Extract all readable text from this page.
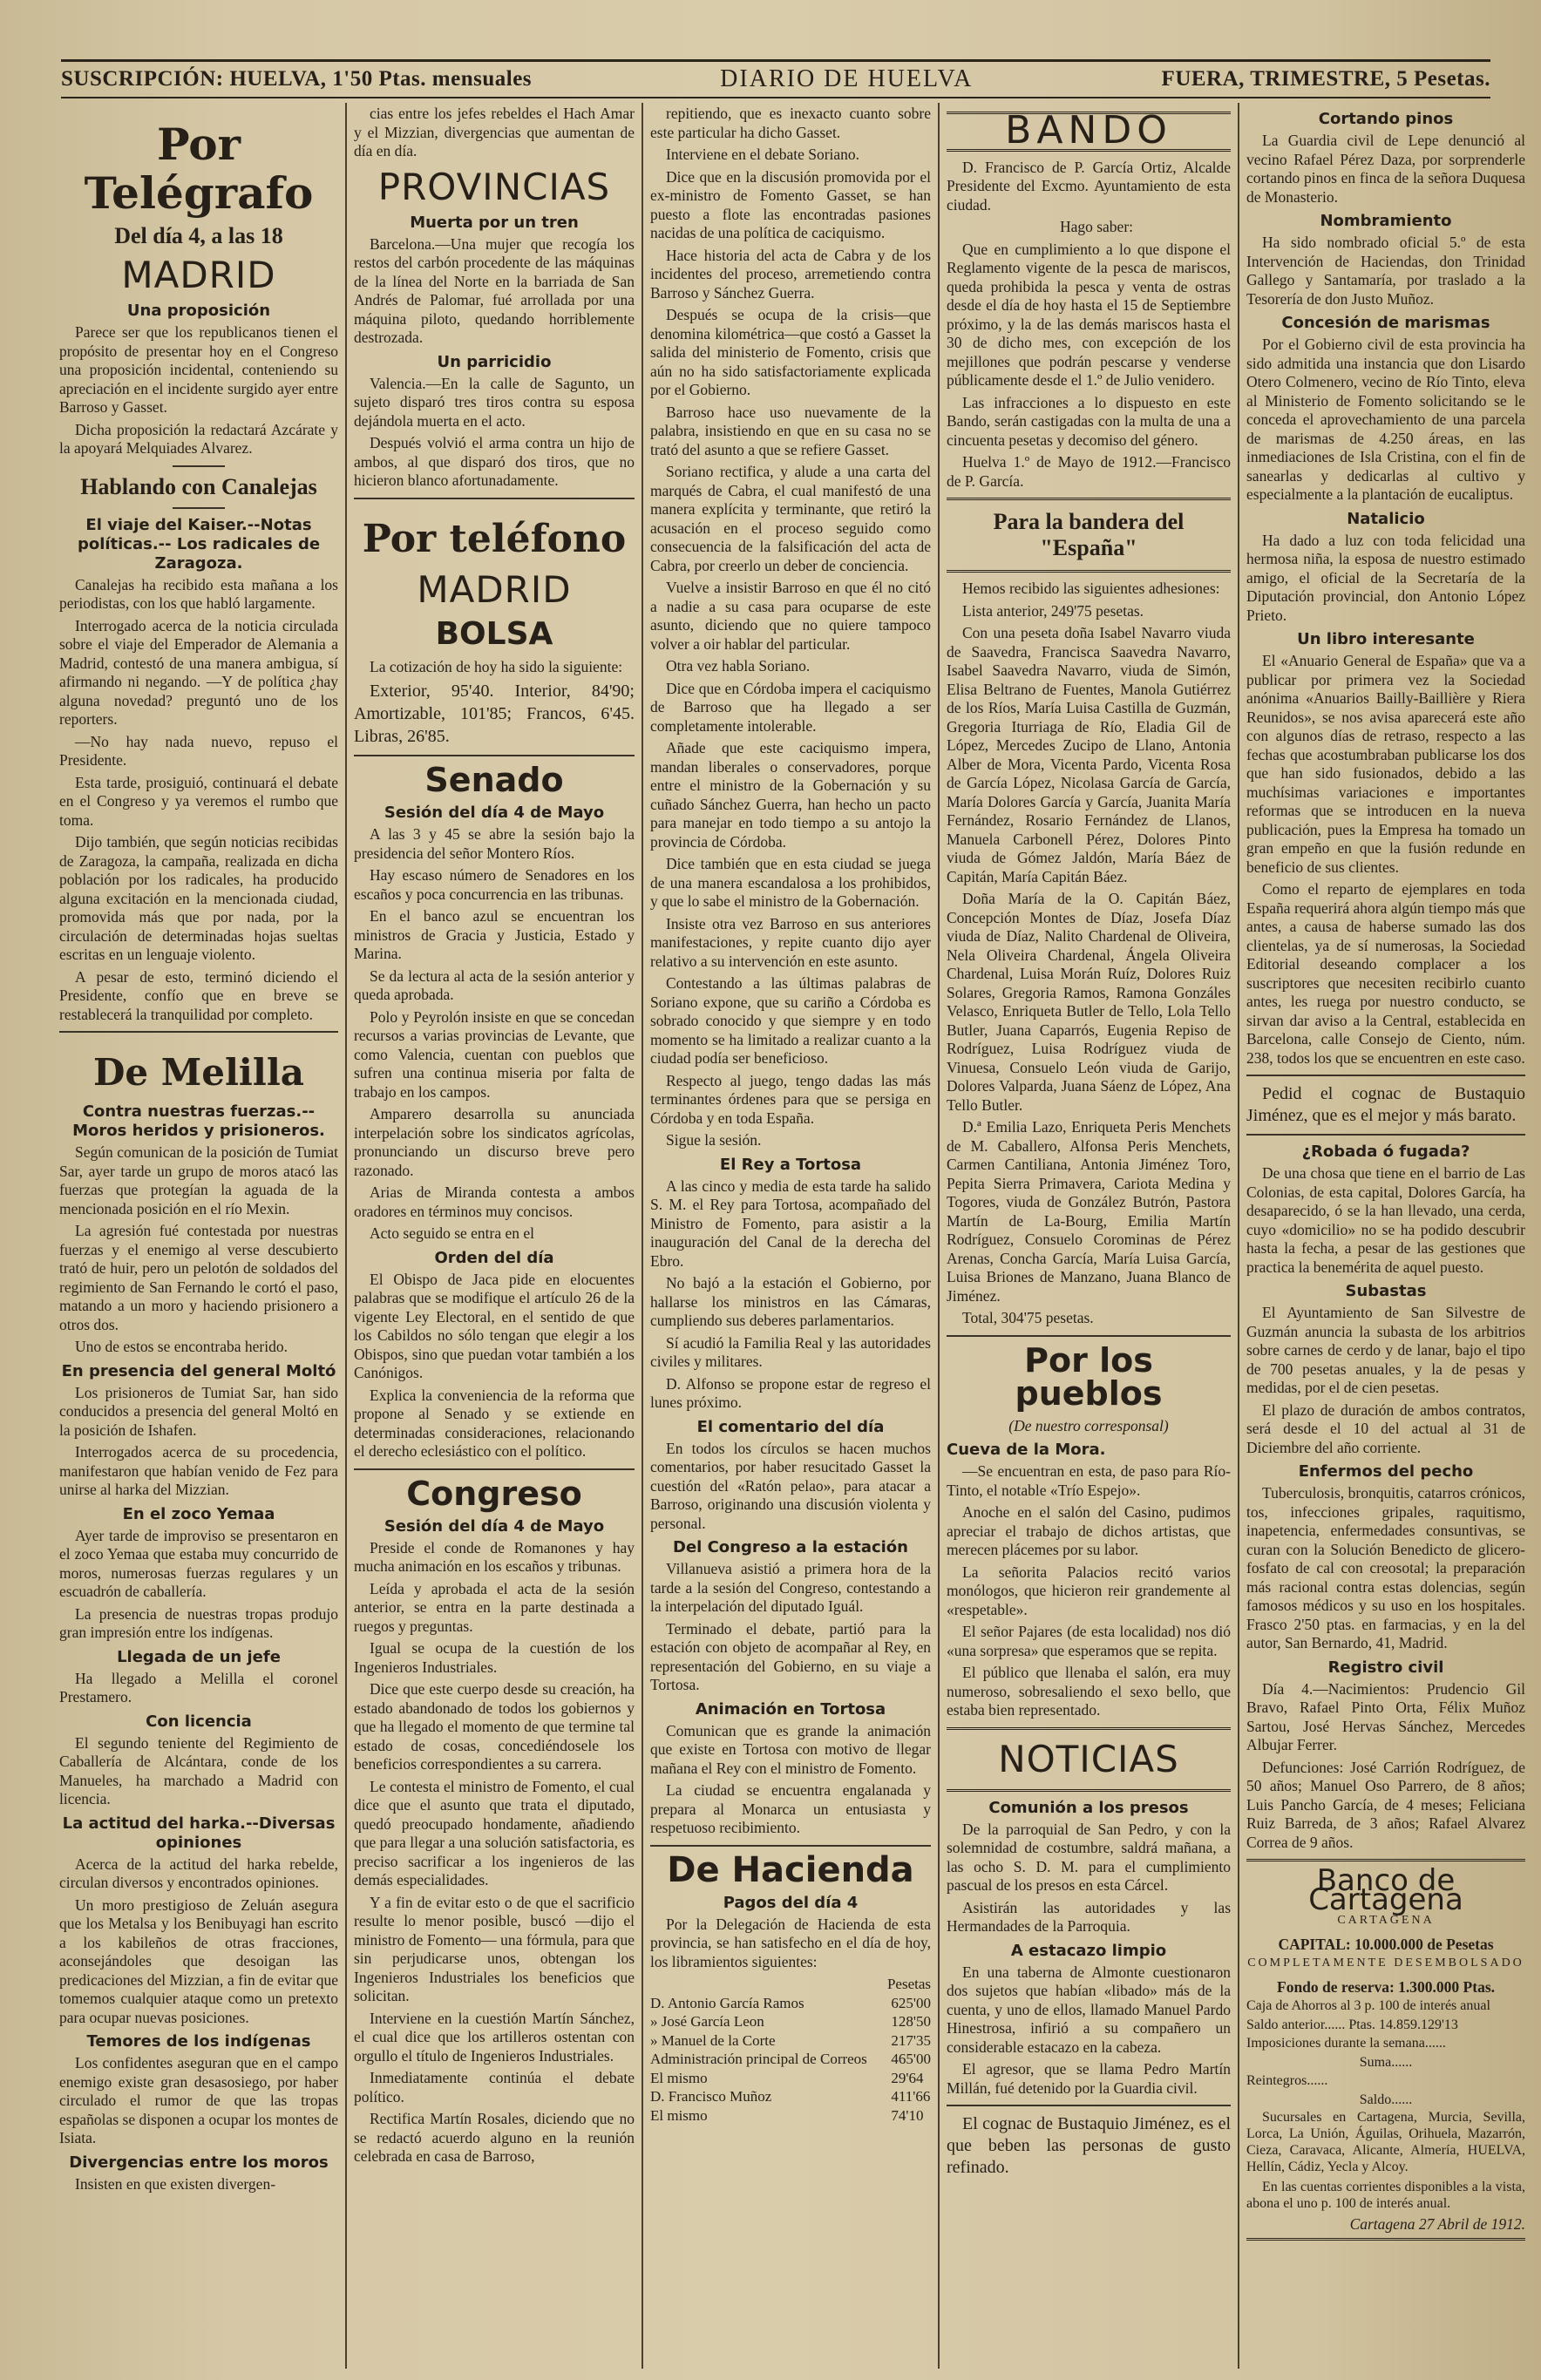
SUSCRIPCIÓN: HUELVA, 1'50 Ptas. mensuales	DIARIO DE HUELVA	FUERA, TRIMESTRE, 5 Pesetas.
Por Telégrafo
Del día 4, a las 18
MADRID
Una proposición

Parece ser que los republicanos tienen el propósito de presentar hoy en el Congreso una proposición incidental, conteniendo su apreciación en el incidente surgido ayer entre Barroso y Gasset.

Dicha proposición la redactará Azcárate y la apoyará Melquiades Alvarez.

Hablando con Canalejas
El viaje del Kaiser.--Notas políticas.-- Los radicales de Zaragoza.

Canalejas ha recibido esta mañana a los periodistas, con los que habló largamente.

Interrogado acerca de la noticia circulada sobre el viaje del Emperador de Alemania a Madrid, contestó de una manera ambigua, sí afirmando ni negando. —Y de política ¿hay alguna novedad? preguntó uno de los reporters.

—No hay nada nuevo, repuso el Presidente.

Esta tarde, prosiguió, continuará el debate en el Congreso y ya veremos el rumbo que toma.

Dijo también, que según noticias recibidas de Zaragoza, la campaña, realizada en dicha población por los radicales, ha producido alguna excitación en la mencionada ciudad, promovida más que por nada, por la circulación de determinadas hojas sueltas escritas en un lenguaje violento.

A pesar de esto, terminó diciendo el Presidente, confío que en breve se restablecerá la tranquilidad por completo.

De Melilla
Contra nuestras fuerzas.--Moros heridos y prisioneros.

Según comunican de la posición de Tumiat Sar, ayer tarde un grupo de moros atacó las fuerzas que protegían la aguada de la mencionada posición en el río Mexin.

La agresión fué contestada por nuestras fuerzas y el enemigo al verse descubierto trató de huir, pero un pelotón de soldados del regimiento de San Fernando le cortó el paso, matando a un moro y haciendo prisionero a otros dos.

Uno de estos se encontraba herido.

En presencia del general Moltó

Los prisioneros de Tumiat Sar, han sido conducidos a presencia del general Moltó en la posición de Ishafen.

Interrogados acerca de su procedencia, manifestaron que habían venido de Fez para unirse al harka del Mizzian.

En el zoco Yemaa

Ayer tarde de improviso se presentaron en el zoco Yemaa que estaba muy concurrido de moros, numerosas fuerzas regulares y un escuadrón de caballería.

La presencia de nuestras tropas produjo gran impresión entre los indígenas.

Llegada de un jefe

Ha llegado a Melilla el coronel Prestamero.

Con licencia

El segundo teniente del Regimiento de Caballería de Alcántara, conde de los Manueles, ha marchado a Madrid con licencia.

La actitud del harka.--Diversas opiniones

Acerca de la actitud del harka rebelde, circulan diversos y encontrados opiniones.

Un moro prestigioso de Zeluán asegura que los Metalsa y los Benibuyagi han escrito a los kabileños de otras fracciones, aconsejándoles que desoigan las predicaciones del Mizzian, a fin de evitar que tomemos cualquier ataque como un pretexto para ocupar nuevas posiciones.

Temores de los indígenas

Los confidentes aseguran que en el campo enemigo existe gran desasosiego, por haber circulado el rumor de que las tropas españolas se disponen a ocupar los montes de Isiata.

Divergencias entre los moros

Insisten en que existen divergen-

cias entre los jefes rebeldes el Hach Amar y el Mizzian, divergencias que aumentan de día en día.

PROVINCIAS
Muerta por un tren

Barcelona.—Una mujer que recogía los restos del carbón procedente de las máquinas de la línea del Norte en la barriada de San Andrés de Palomar, fué arrollada por una máquina piloto, quedando horriblemente destrozada.

Un parricidio

Valencia.—En la calle de Sagunto, un sujeto disparó tres tiros contra su esposa dejándola muerta en el acto.

Después volvió el arma contra un hijo de ambos, al que disparó dos tiros, que no hicieron blanco afortunadamente.

Por teléfono
MADRID
BOLSA

La cotización de hoy ha sido la siguiente:

Exterior, 95'40. Interior, 84'90; Amortizable, 101'85; Francos, 6'45. Libras, 26'85.

Senado
Sesión del día 4 de Mayo

A las 3 y 45 se abre la sesión bajo la presidencia del señor Montero Ríos.

Hay escaso número de Senadores en los escaños y poca concurrencia en las tribunas.

En el banco azul se encuentran los ministros de Gracia y Justicia, Estado y Marina.

Se da lectura al acta de la sesión anterior y queda aprobada.

Polo y Peyrolón insiste en que se concedan recursos a varias provincias de Levante, que como Valencia, cuentan con pueblos que sufren una continua miseria por falta de trabajo en los campos.

Amparero desarrolla su anunciada interpelación sobre los sindicatos agrícolas, pronunciando un discurso breve pero razonado.

Arias de Miranda contesta a ambos oradores en términos muy concisos.

Acto seguido se entra en el

Orden del día

El Obispo de Jaca pide en elocuentes palabras que se modifique el artículo 26 de la vigente Ley Electoral, en el sentido de que los Cabildos no sólo tengan que elegir a los Obispos, sino que puedan votar también a los Canónigos.

Explica la conveniencia de la reforma que propone al Senado y se extiende en determinadas consideraciones, relacionando el derecho eclesiástico con el político.

Congreso
Sesión del día 4 de Mayo

Preside el conde de Romanones y hay mucha animación en los escaños y tribunas.

Leída y aprobada el acta de la sesión anterior, se entra en la parte destinada a ruegos y preguntas.

Igual se ocupa de la cuestión de los Ingenieros Industriales.

Dice que este cuerpo desde su creación, ha estado abandonado de todos los gobiernos y que ha llegado el momento de que termine tal estado de cosas, concediéndosele los beneficios correspondientes a su carrera.

Le contesta el ministro de Fomento, el cual dice que el asunto que trata el diputado, quedó preocupado hondamente, añadiendo que para llegar a una solución satisfactoria, es preciso sacrificar a los ingenieros de las demás especialidades.

Y a fin de evitar esto o de que el sacrificio resulte lo menor posible, buscó —dijo el ministro de Fomento— una fórmula, para que sin perjudicarse unos, obtengan los Ingenieros Industriales los beneficios que solicitan.

Interviene en la cuestión Martín Sánchez, el cual dice que los artilleros ostentan con orgullo el título de Ingenieros Industriales.

Inmediatamente continúa el debate político.

Rectifica Martín Rosales, diciendo que no se redactó acuerdo alguno en la reunión celebrada en casa de Barroso,

repitiendo, que es inexacto cuanto sobre este particular ha dicho Gasset.

Interviene en el debate Soriano.

Dice que en la discusión promovida por el ex-ministro de Fomento Gasset, se han puesto a flote las encontradas pasiones nacidas de una política de caciquismo.

Hace historia del acta de Cabra y de los incidentes del proceso, arremetiendo contra Barroso y Sánchez Guerra.

Después se ocupa de la crisis—que denomina kilométrica—que costó a Gasset la salida del ministerio de Fomento, crisis que aún no ha sido satisfactoriamente explicada por el Gobierno.

Barroso hace uso nuevamente de la palabra, insistiendo en que en su casa no se trató del asunto a que se refiere Gasset.

Soriano rectifica, y alude a una carta del marqués de Cabra, el cual manifestó de una manera explícita y terminante, que retiró la acusación en el proceso seguido como consecuencia de la falsificación del acta de Cabra, por creerlo un deber de conciencia.

Vuelve a insistir Barroso en que él no citó a nadie a su casa para ocuparse de este asunto, diciendo que no quiere tampoco volver a oir hablar del particular.

Otra vez habla Soriano.

Dice que en Córdoba impera el caciquismo de Barroso que ha llegado a ser completamente intolerable.

Añade que este caciquismo impera, mandan liberales o conservadores, porque entre el ministro de la Gobernación y su cuñado Sánchez Guerra, han hecho un pacto para manejar en todo tiempo a su antojo la provincia de Córdoba.

Dice también que en esta ciudad se juega de una manera escandalosa a los prohibidos, y que lo sabe el ministro de la Gobernación.

Insiste otra vez Barroso en sus anteriores manifestaciones, y repite cuanto dijo ayer relativo a su intervención en este asunto.

Contestando a las últimas palabras de Soriano expone, que su cariño a Córdoba es sobrado conocido y que siempre y en todo momento se ha limitado a realizar cuanto a la ciudad podía ser beneficioso.

Respecto al juego, tengo dadas las más terminantes órdenes para que se persiga en Córdoba y en toda España.

Sigue la sesión.

El Rey a Tortosa

A las cinco y media de esta tarde ha salido S. M. el Rey para Tortosa, acompañado del Ministro de Fomento, para asistir a la inauguración del Canal de la derecha del Ebro.

No bajó a la estación el Gobierno, por hallarse los ministros en las Cámaras, cumpliendo sus deberes parlamentarios.

Sí acudió la Familia Real y las autoridades civiles y militares.

D. Alfonso se propone estar de regreso el lunes próximo.

El comentario del día

En todos los círculos se hacen muchos comentarios, por haber resucitado Gasset la cuestión del «Ratón pelao», para atacar a Barroso, originando una discusión violenta y personal.

Del Congreso a la estación

Villanueva asistió a primera hora de la tarde a la sesión del Congreso, contestando a la interpelación del diputado Iguál.

Terminado el debate, partió para la estación con objeto de acompañar al Rey, en representación del Gobierno, en su viaje a Tortosa.

Animación en Tortosa

Comunican que es grande la animación que existe en Tortosa con motivo de llegar mañana el Rey con el ministro de Fomento.

La ciudad se encuentra engalanada y prepara al Monarca un entusiasta y respetuoso recibimiento.

De Hacienda
Pagos del día 4

Por la Delegación de Hacienda de esta provincia, se han satisfecho en el día de hoy, los libramientos siguientes:

Pesetas
D. Antonio García Ramos	625'00
» José García Leon	128'50
» Manuel de la Corte	217'35
Administración principal de Correos	465'00
El mismo	29'64
D. Francisco Muñoz	411'66
El mismo	74'10
BANDO

D. Francisco de P. García Ortiz, Alcalde Presidente del Excmo. Ayuntamiento de esta ciudad.

Hago saber:

Que en cumplimiento a lo que dispone el Reglamento vigente de la pesca de mariscos, queda prohibida la pesca y venta de ostras desde el día de hoy hasta el 15 de Septiembre próximo, y la de las demás mariscos hasta el 30 de dicho mes, con excepción de los mejillones que podrán pescarse y venderse públicamente desde el 1.º de Julio venidero.

Las infracciones a lo dispuesto en este Bando, serán castigadas con la multa de una a cincuenta pesetas y decomiso del género.

Huelva 1.º de Mayo de 1912.—Francisco de P. García.

Para la bandera del "España"

Hemos recibido las siguientes adhesiones:

Lista anterior, 249'75 pesetas.

Con una peseta doña Isabel Navarro viuda de Saavedra, Francisca Saavedra Navarro, Isabel Saavedra Navarro, viuda de Simón, Elisa Beltrano de Fuentes, Manola Gutiérrez de los Ríos, María Luisa Castilla de Guzmán, Gregoria Iturriaga de Río, Eladia Gil de López, Mercedes Zucipo de Llano, Antonia Alber de Mora, Vicenta Pardo, Vicenta Rosa de García López, Nicolasa García de García, María Dolores García y García, Juanita María Fernández, Rosario Fernández de Llanos, Manuela Carbonell Pérez, Dolores Pinto viuda de Gómez Jaldón, María Báez de Capitán, María Capitán Báez.

Doña María de la O. Capitán Báez, Concepción Montes de Díaz, Josefa Díaz viuda de Díaz, Nalito Chardenal de Oliveira, Nela Oliveira Chardenal, Ángela Oliveira Chardenal, Luisa Morán Ruíz, Dolores Ruiz Solares, Gregoria Ramos, Ramona Gonzáles Velasco, Enriqueta Butler de Tello, Lola Tello Butler, Juana Caparrós, Eugenia Repiso de Rodríguez, Luisa Rodríguez viuda de Vinuesa, Consuelo León viuda de Garijo, Dolores Valparda, Juana Sáenz de López, Ana Tello Butler.

D.ª Emilia Lazo, Enriqueta Peris Menchets de M. Caballero, Alfonsa Peris Menchets, Carmen Cantiliana, Antonia Jiménez Toro, Pepita Sierra Primavera, Cariota Medina y Togores, viuda de González Butrón, Pastora Martín de La-Bourg, Emilia Martín Rodríguez, Consuelo Corominas de Pérez Arenas, Concha García, María Luisa García, Luisa Briones de Manzano, Juana Blanco de Jiménez.

Total, 304'75 pesetas.

Por los pueblos
(De nuestro corresponsal)
Cueva de la Mora.

—Se encuentran en esta, de paso para Río-Tinto, el notable «Trío Espejo».

Anoche en el salón del Casino, pudimos apreciar el trabajo de dichos artistas, que merecen plácemes por su labor.

La señorita Palacios recitó varios monólogos, que hicieron reir grandemente al «respetable».

El señor Pajares (de esta localidad) nos dió «una sorpresa» que esperamos que se repita.

El público que llenaba el salón, era muy numeroso, sobresaliendo el sexo bello, que estaba bien representado.

NOTICIAS
Comunión a los presos

De la parroquial de San Pedro, y con la solemnidad de costumbre, saldrá mañana, a las ocho S. D. M. para el cumplimiento pascual de los presos en esta Cárcel.

Asistirán las autoridades y las Hermandades de la Parroquia.

A estacazo limpio

En una taberna de Almonte cuestionaron dos sujetos que habían «libado» más de la cuenta, y uno de ellos, llamado Manuel Pardo Hinestrosa, infirió a su compañero un considerable estacazo en la cabeza.

El agresor, que se llama Pedro Martín Millán, fué detenido por la Guardia civil.

El cognac de Bustaquio Jiménez, es el que beben las personas de gusto refinado.

Cortando pinos

La Guardia civil de Lepe denunció al vecino Rafael Pérez Daza, por sorprenderle cortando pinos en finca de la señora Duquesa de Monasterio.

Nombramiento

Ha sido nombrado oficial 5.º de esta Intervención de Haciendas, don Trinidad Gallego y Santamaría, por traslado a la Tesorería de don Justo Muñoz.

Concesión de marismas

Por el Gobierno civil de esta provincia ha sido admitida una instancia que don Lisardo Otero Colmenero, vecino de Río Tinto, eleva al Ministerio de Fomento solicitando se le conceda el aprovechamiento de una parcela de marismas de 4.250 áreas, en las inmediaciones de Isla Cristina, con el fin de sanearlas y dedicarlas al cultivo y especialmente a la plantación de eucaliptus.

Natalicio

Ha dado a luz con toda felicidad una hermosa niña, la esposa de nuestro estimado amigo, el oficial de la Secretaría de la Diputación provincial, don Antonio López Prieto.

Un libro interesante

El «Anuario General de España» que va a publicar por primera vez la Sociedad anónima «Anuarios Bailly-Baillière y Riera Reunidos», se nos avisa aparecerá este año con algunos días de retraso, respecto a las fechas que acostumbraban publicarse los dos que han sido fusionados, debido a las muchísimas variaciones e importantes reformas que se introducen en la nueva publicación, pues la Empresa ha tomado un gran empeño en que la fusión redunde en beneficio de sus clientes.

Como el reparto de ejemplares en toda España requerirá ahora algún tiempo más que antes, a causa de haberse sumado las dos clientelas, ya de sí numerosas, la Sociedad Editorial deseando complacer a los suscriptores que necesiten recibirlo cuanto antes, les ruega por nuestro conducto, se sirvan dar aviso a la Central, establecida en Barcelona, calle Consejo de Ciento, núm. 238, todos los que se encuentren en este caso.

Pedid el cognac de Bustaquio Jiménez, que es el mejor y más barato.

¿Robada ó fugada?

De una chosa que tiene en el barrio de Las Colonias, de esta capital, Dolores García, ha desaparecido, ó se la han llevado, una cerda, cuyo «domicilio» no se ha podido descubrir hasta la fecha, a pesar de las gestiones que practica la benemérita de aquel puesto.

Subastas

El Ayuntamiento de San Silvestre de Guzmán anuncia la subasta de los arbitrios sobre carnes de cerdo y de lanar, bajo el tipo de 700 pesetas anuales, y la de pesas y medidas, por el de cien pesetas.

El plazo de duración de ambos contratos, será desde el 10 del actual al 31 de Diciembre del año corriente.

Enfermos del pecho

Tuberculosis, bronquitis, catarros crónicos, tos, infecciones gripales, raquitismo, inapetencia, enfermedades consuntivas, se curan con la Solución Benedicto de glicero-fosfato de cal con creosotal; la preparación más racional contra estas dolencias, según famosos médicos y su uso en los hospitales. Frasco 2'50 ptas. en farmacias, y en la del autor, San Bernardo, 41, Madrid.

Registro civil

Día 4.—Nacimientos: Prudencio Gil Bravo, Rafael Pinto Orta, Félix Muñoz Sartou, José Hervas Sánchez, Mercedes Albujar Ferrer.

Defunciones: José Carrión Rodríguez, de 50 años; Manuel Oso Parrero, de 8 años; Luis Pancho García, de 4 meses; Feliciana Ruiz Barreda, de 3 años; Rafael Alvarez Correa de 9 años.

Banco de Cartagena
CARTAGENA
CAPITAL: 10.000.000 de Pesetas
COMPLETAMENTE DESEMBOLSADO
Fondo de reserva: 1.300.000 Ptas.
Caja de Ahorros al 3 p. 100 de interés anual
Saldo anterior...... Ptas. 14.859.129'13
Imposiciones durante la semana......
Suma......
Reintegros......
Saldo......

Sucursales en Cartagena, Murcia, Sevilla, Lorca, La Unión, Águilas, Orihuela, Mazarrón, Cieza, Caravaca, Alicante, Almería, HUELVA, Hellín, Cádiz, Yecla y Alcoy.

En las cuentas corrientes disponibles a la vista, abona el uno p. 100 de interés anual.

Cartagena 27 Abril de 1912.
